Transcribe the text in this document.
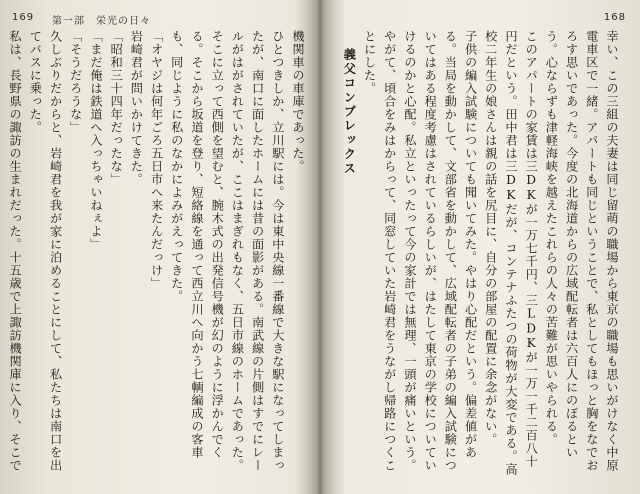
169 第一部　栄光の日々

機関車の車庫であった。

ひとつきしか、立川駅には。今は東中央線一番線で大きな駅になってしまったが、南口に面したホームには昔の面影がある。南武線の片側はすでにレールがはがされていたが、ここはまぎれもなく、五日市線のホームであった。そこに立って西側を望むと、腕木式の出発信号機が幻のように浮かんでくる。そこから坂道を登り、短絡線を通って西立川へ向かう七輌編成の客車も、同じように私のなかによみがえってきた。

「オヤジは何年ごろ五日市へ来たんだっけ」

岩崎君が問いかけてきた。

「昭和三十四年だったな」

「まだ俺は鉄道へ入っちゃいねぇよ」

「そうだろうな」

久しぶりだからと、岩崎君を我が家に泊めることにして、私たちは南口を出てバスに乗った。

私は、長野県の諏訪の生まれだった。十五歳で上諏訪機関庫に入り、そこで

168

幸い、この三組の夫妻は同じ留萌の職場から東京の職場も思いがけなく中原電車区で一緒。アパートも同じということで、私としてもほっと胸をなでおろす思いであった。今度の北海道からの広域配転者は六百人にのぼるという。心ならずも津軽海峡を越えたこれらの人々の苦難が思いやられる。

このアパートの家賃は三DKが一万七千円、三LDKが一万一千二百八十円だという。田中君は三DKだが、コンテナふたつの荷物が大変である。高校二年生の娘さんは親の話を尻目に、自分の部屋の配置に余念がない。

子供の編入試験についても聞いてみた。やはり心配だという。偏差値がある。当局を動かして、文部省を動かして、広域配転者の子弟の編入試験についてはある程度考慮はされているらしいが、はたして東京の学校についていけるのかと心配。私立といったって今の家計では無理、一頭が痛いという。

やがて、頃合をみはからって、同窓していた岩崎君をうながし帰路につくことにした。

義父コンプレックス
